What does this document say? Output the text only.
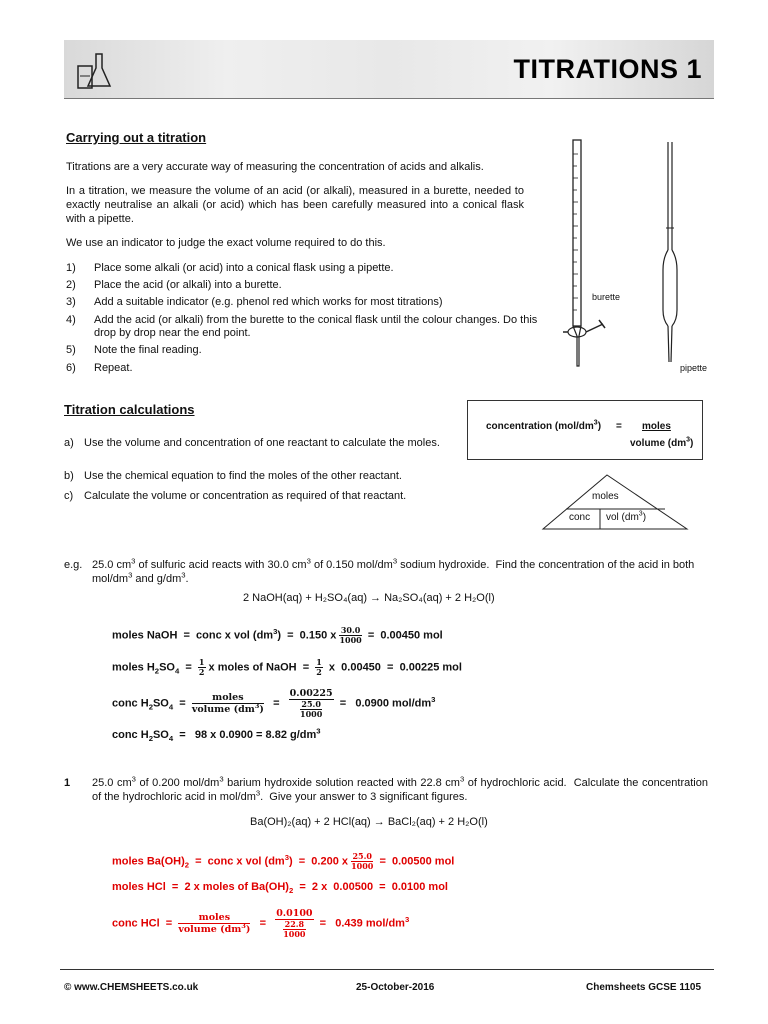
TITRATIONS 1
Carrying out a titration
Titrations are a very accurate way of measuring the concentration of acids and alkalis.
In a titration, we measure the volume of an acid (or alkali), measured in a burette, needed to exactly neutralise an alkali (or acid) which has been carefully measured into a conical flask with a pipette.
We use an indicator to judge the exact volume required to do this.
1) Place some alkali (or acid) into a conical flask using a pipette.
2) Place the acid (or alkali) into a burette.
3) Add a suitable indicator (e.g. phenol red which works for most titrations)
4) Add the acid (or alkali) from the burette to the conical flask until the colour changes. Do this drop by drop near the end point.
5) Note the final reading.
6) Repeat.
burette
pipette
Titration calculations
a) Use the volume and concentration of one reactant to calculate the moles.
b) Use the chemical equation to find the moles of the other reactant.
c) Calculate the volume or concentration as required of that reactant.
concentration $(mol/dm^3)$ = moles
volume $(dm^3)$
moles
conc vol $(dm^3)$
e.g. 25.0 $cm^3$ of sulfuric acid reacts with 30.0 $cm^3$ of 0.150 mol/$dm^3$ sodium hydroxide.  Find the concentration of the acid in both mol/$dm^3$ and $g/dm^3$.
2 NaOH(aq) + H₂SO₄(aq) → Na₂SO₄(aq) + 2 H₂O(l)
moles NaOH  =  conc x vol $(dm^3) = 0.150$ x $\frac{30.0}{1000} = 0.00450$ mol
moles $H_2SO_4 = \frac{1}{2}$ x moles of NaOH  = $\frac{1}{2}$ x  0.00450  =  0.00225 mol
conc $H_2SO_4 = \frac{\text{moles}}{volume (dm^3)} = \frac{0.00225}{\frac{25.0}{1000}} = 0.0900$ mol/$dm^3$
conc $H_2SO_4 = 98$ x 0.0900 = 8.82 $g/dm^3$
1 25.0 $cm^3$ of 0.200 mol/$dm^3$ barium hydroxide solution reacted with 22.8 $cm^3$ of hydrochloric acid.  Calculate the concentration of the hydrochloric acid in mol/$dm^3$.  Give your answer to 3 significant figures.
Ba(OH)₂(aq) + 2 HCl(aq) → BaCl₂(aq) + 2 H₂O(l)
moles $Ba(OH)_2$  =  conc x vol $(dm^3) = 0.200$ x $\frac{25.0}{1000} = 0.00500$ mol
moles HCl  =  2 x moles of $Ba(OH)_2 = 2$ x  0.00500  =  0.0100 mol
conc HCl  = $\frac{\text{moles}}{volume (dm^3)} = \frac{0.0100}{\frac{22.8}{1000}} = 0.439$ mol/$dm^3$
© www.CHEMSHEETS.co.uk	25-October-2016	Chemsheets GCSE 1105
